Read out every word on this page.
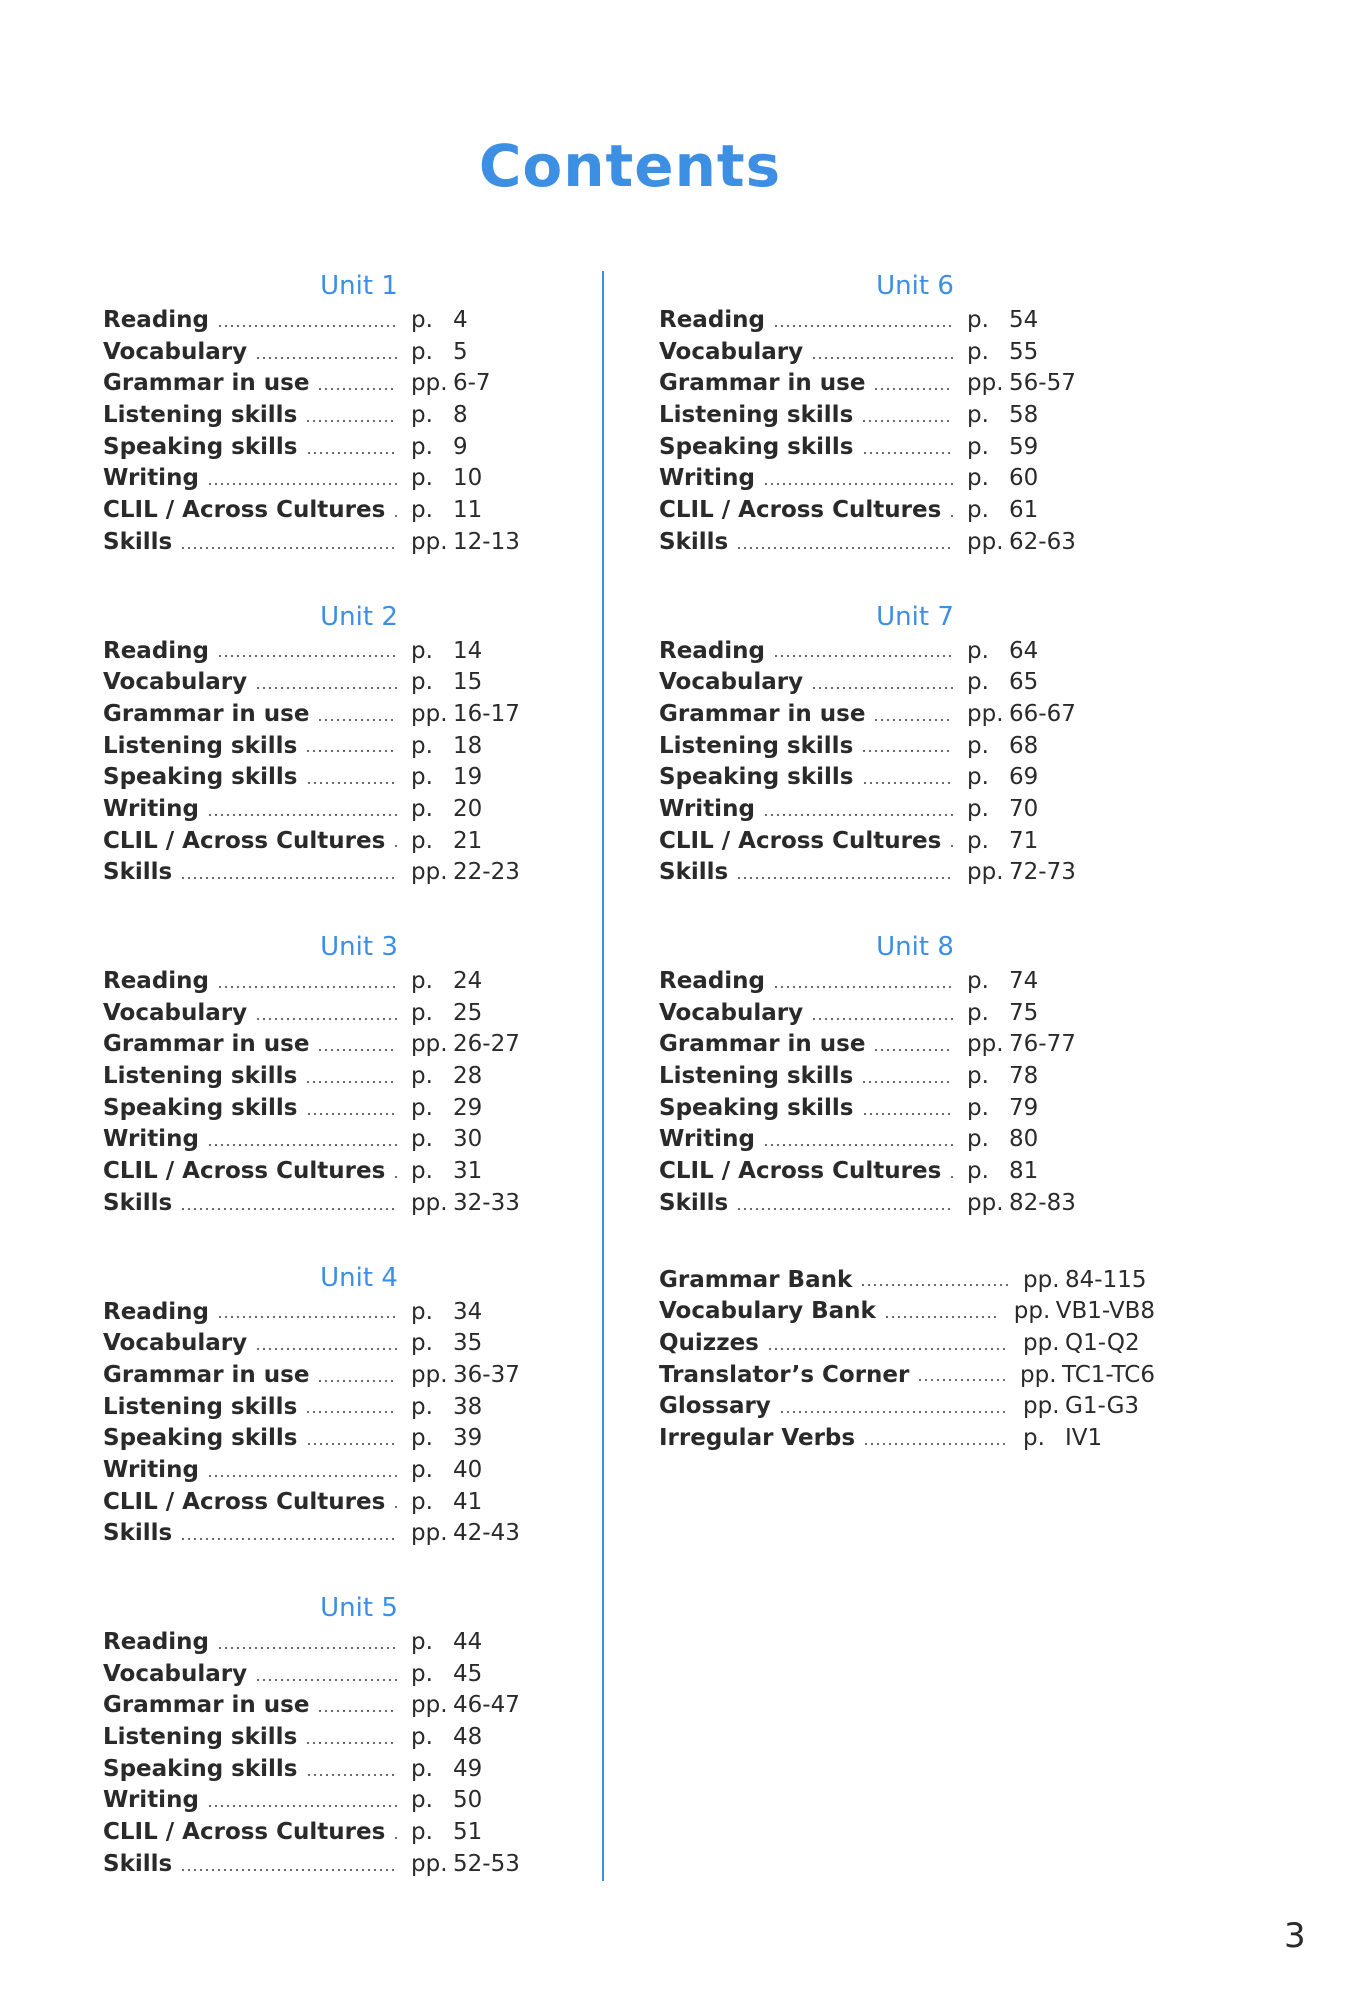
Contents
Unit 1
Reading	p. 4
Vocabulary	p. 5
Grammar in use	pp. 6-7
Listening skills	p. 8
Speaking skills	p. 9
Writing	p. 10
CLIL / Across Cultures p. 11
Skills	pp. 12-13
Unit 2
Reading	p. 14
Vocabulary	p. 15
Grammar in use	pp. 16-17
Listening skills	p. 18
Speaking skills	p. 19
Writing	p. 20
CLIL / Across Cultures p. 21
Skills	pp. 22-23
Unit 3
Reading	p. 24
Vocabulary	p. 25
Grammar in use	pp. 26-27
Listening skills	p. 28
Speaking skills	p. 29
Writing	p. 30
CLIL / Across Cultures p. 31
Skills	pp. 32-33
Unit 4
Reading	p. 34
Vocabulary	p. 35
Grammar in use	pp. 36-37
Listening skills	p. 38
Speaking skills	p. 39
Writing	p. 40
CLIL / Across Cultures p. 41
Skills	pp. 42-43
Unit 5
Reading	p. 44
Vocabulary	p. 45
Grammar in use	pp. 46-47
Listening skills	p. 48
Speaking skills	p. 49
Writing	p. 50
CLIL / Across Cultures p. 51
Skills	pp. 52-53
Unit 6
Reading	p. 54
Vocabulary	p. 55
Grammar in use	pp. 56-57
Listening skills	p. 58
Speaking skills	p. 59
Writing	p. 60
CLIL / Across Cultures p. 61
Skills	pp. 62-63
Unit 7
Reading	p. 64
Vocabulary	p. 65
Grammar in use	pp. 66-67
Listening skills	p. 68
Speaking skills	p. 69
Writing	p. 70
CLIL / Across Cultures p. 71
Skills	pp. 72-73
Unit 8
Reading	p. 74
Vocabulary	p. 75
Grammar in use	pp. 76-77
Listening skills	p. 78
Speaking skills	p. 79
Writing	p. 80
CLIL / Across Cultures p. 81
Skills	pp. 82-83
Grammar Bank	pp. 84-115
Vocabulary Bank	pp. VB1-VB8
Quizzes	pp. Q1-Q2
Translator’s Corner	pp. TC1-TC6
Glossary	pp. G1-G3
Irregular Verbs	p. IV1
3
